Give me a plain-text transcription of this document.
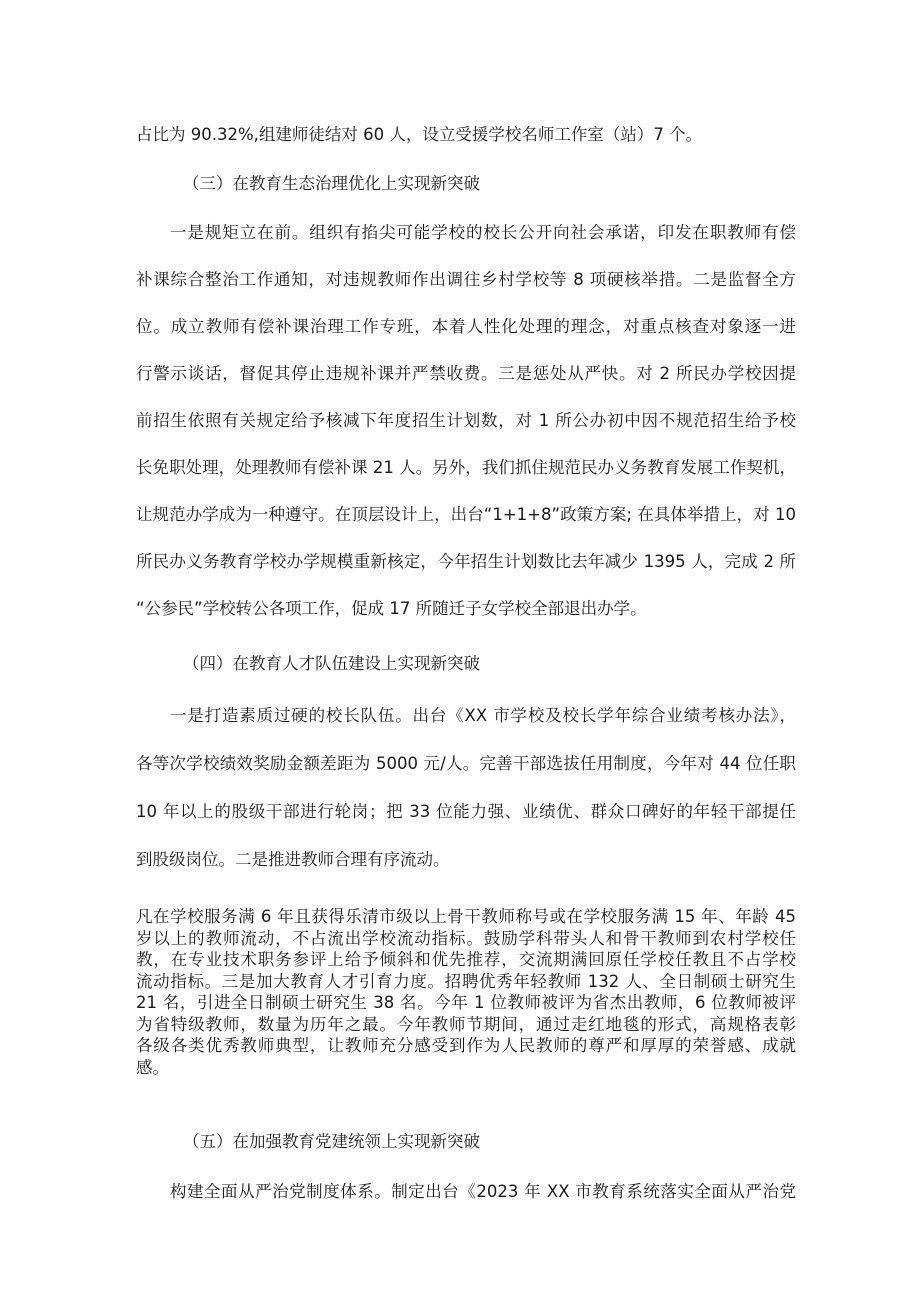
占比为 90.32%,组建师徒结对 60 人，设立受援学校名师工作室（站）7 个。
（三）在教育生态治理优化上实现新突破
一是规矩立在前。组织有掐尖可能学校的校长公开向社会承诺，印发在职教师有偿
补课综合整治工作通知，对违规教师作出调往乡村学校等 8 项硬核举措。二是监督全方
位。成立教师有偿补课治理工作专班，本着人性化处理的理念，对重点核查对象逐一进
行警示谈话，督促其停止违规补课并严禁收费。三是惩处从严快。对 2 所民办学校因提
前招生依照有关规定给予核减下年度招生计划数，对 1 所公办初中因不规范招生给予校
长免职处理，处理教师有偿补课 21 人。另外，我们抓住规范民办义务教育发展工作契机，
让规范办学成为一种遵守。在顶层设计上，出台“1+1+8”政策方案; 在具体举措上，对 10
所民办义务教育学校办学规模重新核定，今年招生计划数比去年减少 1395 人，完成 2 所
“公参民”学校转公各项工作，促成 17 所随迁子女学校全部退出办学。
（四）在教育人才队伍建设上实现新突破
一是打造素质过硬的校长队伍。出台《XX 市学校及校长学年综合业绩考核办法》，
各等次学校绩效奖励金额差距为 5000 元/人。完善干部选拔任用制度，今年对 44 位任职
10 年以上的股级干部进行轮岗；把 33 位能力强、业绩优、群众口碑好的年轻干部提任
到股级岗位。二是推进教师合理有序流动。
凡在学校服务满 6 年且获得乐清市级以上骨干教师称号或在学校服务满 15 年、年龄 45
岁以上的教师流动，不占流出学校流动指标。鼓励学科带头人和骨干教师到农村学校任
教，在专业技术职务参评上给予倾斜和优先推荐，交流期满回原任学校任教且不占学校
流动指标。三是加大教育人才引育力度。招聘优秀年轻教师 132 人、全日制硕士研究生
21 名，引进全日制硕士研究生 38 名。今年 1 位教师被评为省杰出教师，6 位教师被评
为省特级教师，数量为历年之最。今年教师节期间，通过走红地毯的形式，高规格表彰
各级各类优秀教师典型，让教师充分感受到作为人民教师的尊严和厚厚的荣誉感、成就
感。
（五）在加强教育党建统领上实现新突破
构建全面从严治党制度体系。制定出台《2023 年 XX 市教育系统落实全面从严治党
